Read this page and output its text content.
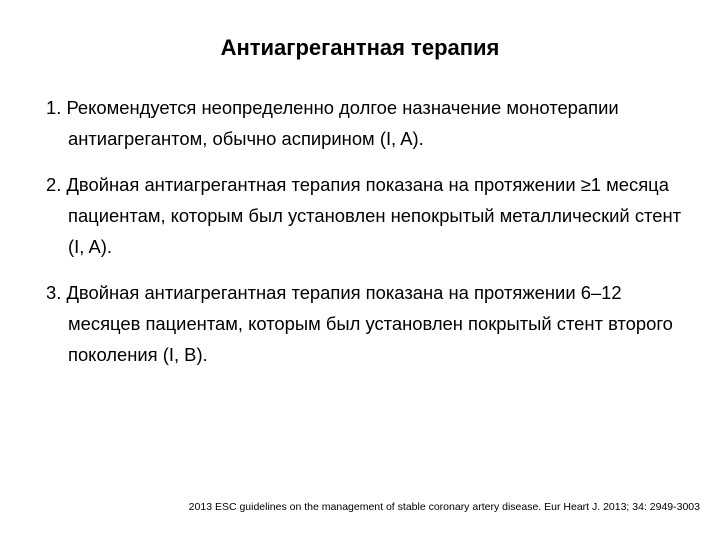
Антиагрегантная терапия
1. Рекомендуется неопределенно долгое назначение монотерапии антиагрегантом, обычно аспирином (I, A).
2. Двойная антиагрегантная терапия показана на протяжении ≥1 месяца пациентам, которым был установлен непокрытый металлический стент (I, A).
3. Двойная антиагрегантная терапия показана на протяжении 6–12 месяцев пациентам, которым был установлен покрытый стент второго поколения (I, B).
2013 ESC guidelines on the management of stable coronary artery disease. Eur Heart J. 2013; 34: 2949-3003
